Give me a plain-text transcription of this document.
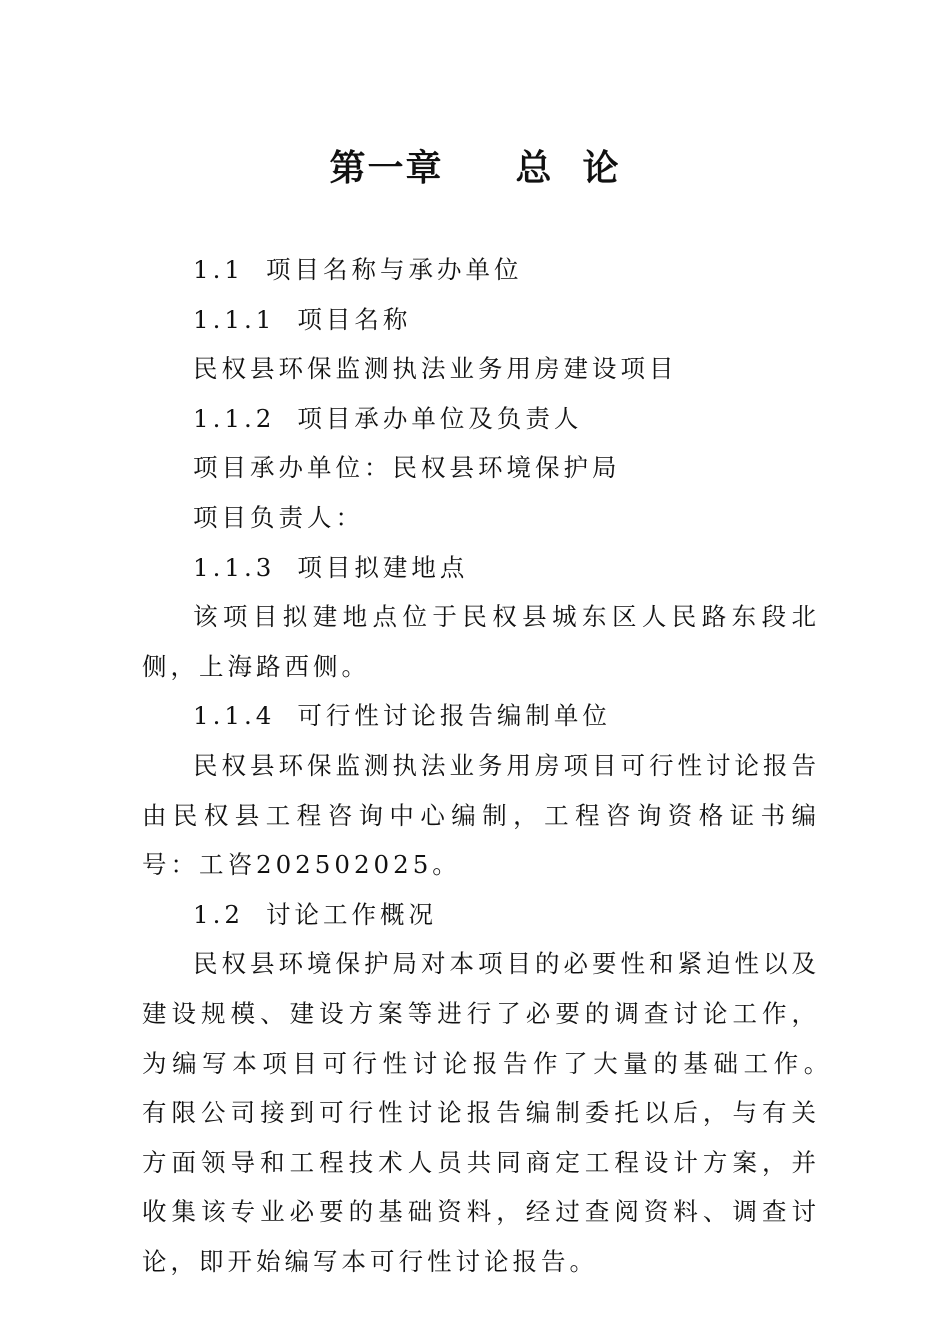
第一章 总  论

1.1 项目名称与承办单位

1.1.1 项目名称

民权县环保监测执法业务用房建设项目

1.1.2 项目承办单位及负责人

项目承办单位：民权县环境保护局

项目负责人：

1.1.3 项目拟建地点

该项目拟建地点位于民权县城东区人民路东段北侧，上海路西侧。

1.1.4 可行性讨论报告编制单位

民权县环保监测执法业务用房项目可行性讨论报告由民权县工程咨询中心编制，工程咨询资格证书编号：工咨202502025。

1.2 讨论工作概况

民权县环境保护局对本项目的必要性和紧迫性以及建设规模、建设方案等进行了必要的调查讨论工作，为编写本项目可行性讨论报告作了大量的基础工作。　有限公司接到可行性讨论报告编制委托以后，与有关方面领导和工程技术人员共同商定工程设计方案，并收集该专业必要的基础资料，经过查阅资料、调查讨论，即开始编写本可行性讨论报告。
